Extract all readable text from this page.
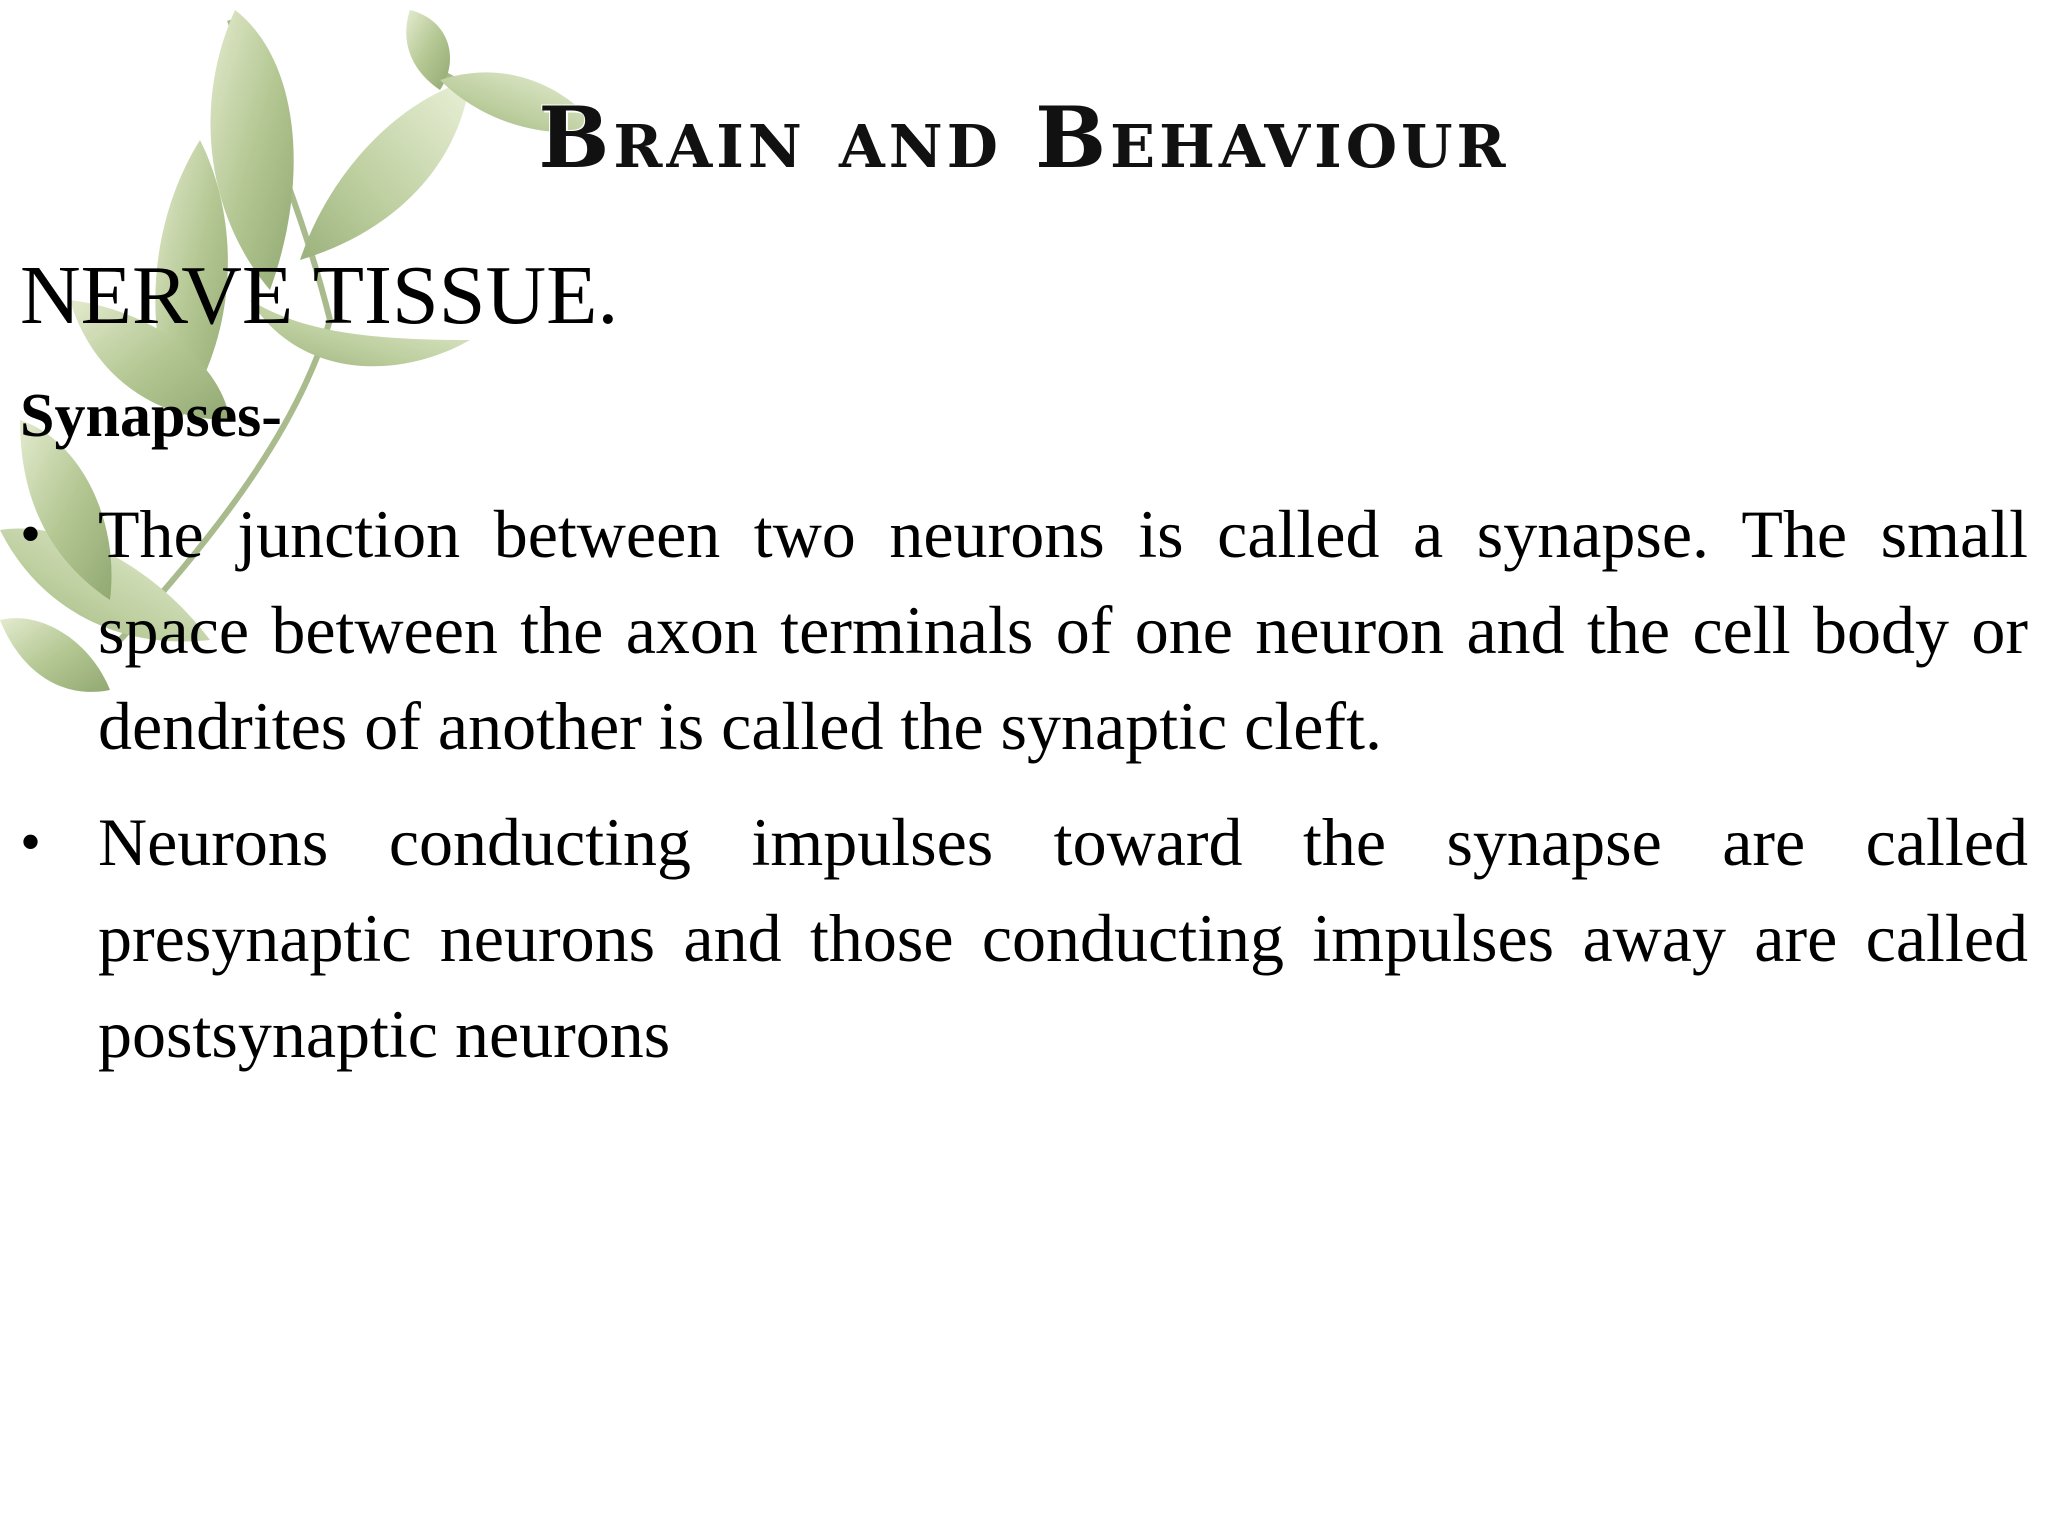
Brain and Behaviour
NERVE TISSUE.
Synapses-
• The junction between two neurons is called a synapse. The small space between the axon terminals of one neuron and the cell body or dendrites of another is called the synaptic cleft.
• Neurons conducting impulses toward the synapse are called presynaptic neurons and those conducting impulses away are called postsynaptic neurons
